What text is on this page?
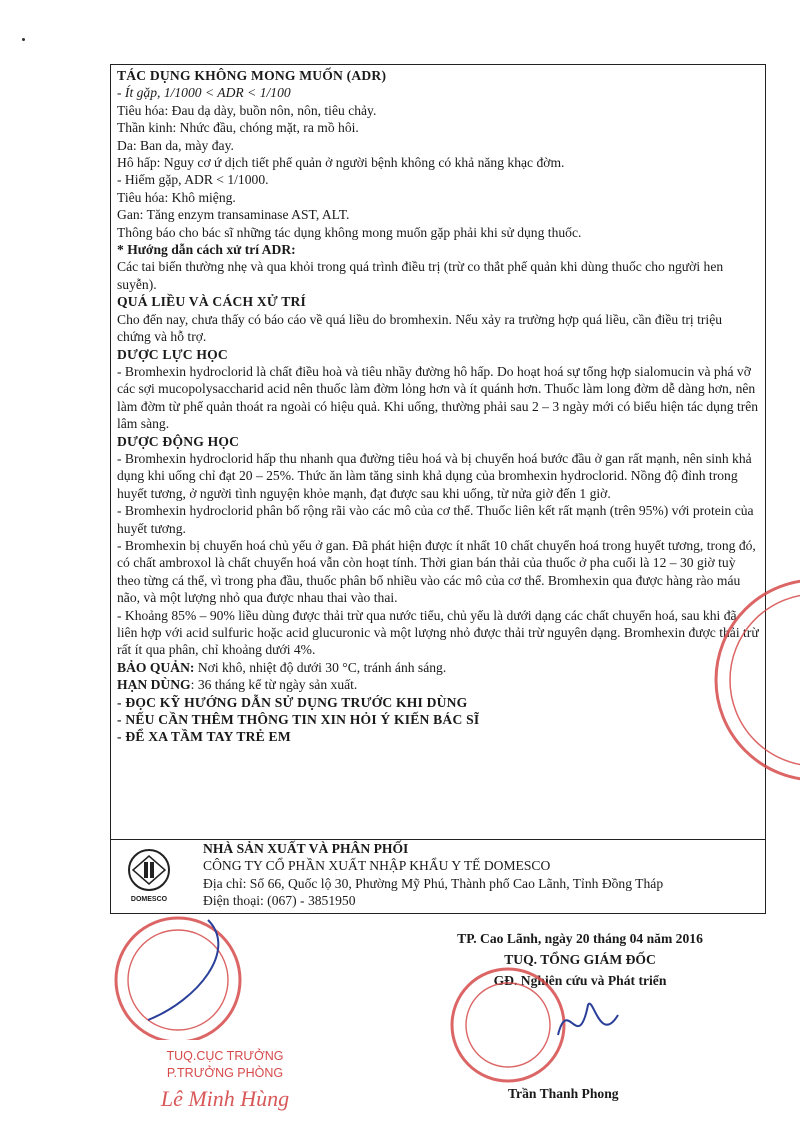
TÁC DỤNG KHÔNG MONG MUỐN (ADR)

- Ít gặp, 1/1000 < ADR < 1/100

Tiêu hóa: Đau dạ dày, buồn nôn, nôn, tiêu chảy.

Thần kinh: Nhức đầu, chóng mặt, ra mồ hôi.

Da: Ban da, mày đay.

Hô hấp: Nguy cơ ứ dịch tiết phế quản ở người bệnh không có khả năng khạc đờm.

- Hiếm gặp, ADR < 1/1000.

Tiêu hóa: Khô miệng.

Gan: Tăng enzym transaminase AST, ALT.

Thông báo cho bác sĩ những tác dụng không mong muốn gặp phải khi sử dụng thuốc.

* Hướng dẫn cách xử trí ADR:

Các tai biến thường nhẹ và qua khỏi trong quá trình điều trị (trừ co thắt phế quản khi dùng thuốc cho người hen suyễn).

QUÁ LIỀU VÀ CÁCH XỬ TRÍ

Cho đến nay, chưa thấy có báo cáo về quá liều do bromhexin. Nếu xảy ra trường hợp quá liều, cần điều trị triệu chứng và hỗ trợ.

DƯỢC LỰC HỌC

- Bromhexin hydroclorid là chất điều hoà và tiêu nhầy đường hô hấp. Do hoạt hoá sự tổng hợp sialomucin và phá vỡ các sợi mucopolysaccharid acid nên thuốc làm đờm lỏng hơn và ít quánh hơn. Thuốc làm long đờm dễ dàng hơn, nên làm đờm từ phế quản thoát ra ngoài có hiệu quả. Khi uống, thường phải sau 2 – 3 ngày mới có biểu hiện tác dụng trên lâm sàng.

DƯỢC ĐỘNG HỌC

- Bromhexin hydroclorid hấp thu nhanh qua đường tiêu hoá và bị chuyển hoá bước đầu ở gan rất mạnh, nên sinh khả dụng khi uống chỉ đạt 20 – 25%. Thức ăn làm tăng sinh khả dụng của bromhexin hydroclorid. Nồng độ đỉnh trong huyết tương, ở người tình nguyện khỏe mạnh, đạt được sau khi uống, từ nửa giờ đến 1 giờ.

- Bromhexin hydroclorid phân bố rộng rãi vào các mô của cơ thể. Thuốc liên kết rất mạnh (trên 95%) với protein của huyết tương.

- Bromhexin bị chuyển hoá chủ yếu ở gan. Đã phát hiện được ít nhất 10 chất chuyển hoá trong huyết tương, trong đó, có chất ambroxol là chất chuyển hoá vẫn còn hoạt tính. Thời gian bán thải của thuốc ở pha cuối là 12 – 30 giờ tuỳ theo từng cá thể, vì trong pha đầu, thuốc phân bố nhiều vào các mô của cơ thể. Bromhexin qua được hàng rào máu não, và một lượng nhỏ qua được nhau thai vào thai.

- Khoảng 85% – 90% liều dùng được thải trừ qua nước tiểu, chủ yếu là dưới dạng các chất chuyển hoá, sau khi đã liên hợp với acid sulfuric hoặc acid glucuronic và một lượng nhỏ được thải trừ nguyên dạng. Bromhexin được thải trừ rất ít qua phân, chỉ khoảng dưới 4%.

BẢO QUẢN: Nơi khô, nhiệt độ dưới 30 °C, tránh ánh sáng.

HẠN DÙNG: 36 tháng kể từ ngày sản xuất.

- ĐỌC KỸ HƯỚNG DẪN SỬ DỤNG TRƯỚC KHI DÙNG

- NẾU CẦN THÊM THÔNG TIN XIN HỎI Ý KIẾN BÁC SĨ

- ĐỂ XA TẦM TAY TRẺ EM

DOMESCO

NHÀ SẢN XUẤT VÀ PHÂN PHỐI

CÔNG TY CỔ PHẦN XUẤT NHẬP KHẨU Y TẾ DOMESCO

Địa chỉ: Số 66, Quốc lộ 30, Phường Mỹ Phú, Thành phố Cao Lãnh, Tỉnh Đồng Tháp

Điện thoại: (067) - 3851950

TUQ.CỤC TRƯỞNG

P.TRƯỞNG PHÒNG

Lê Minh Hùng

TP. Cao Lãnh, ngày 20 tháng 04 năm 2016

TUQ. TỔNG GIÁM ĐỐC

GĐ. Nghiên cứu và Phát triển

Trần Thanh Phong
